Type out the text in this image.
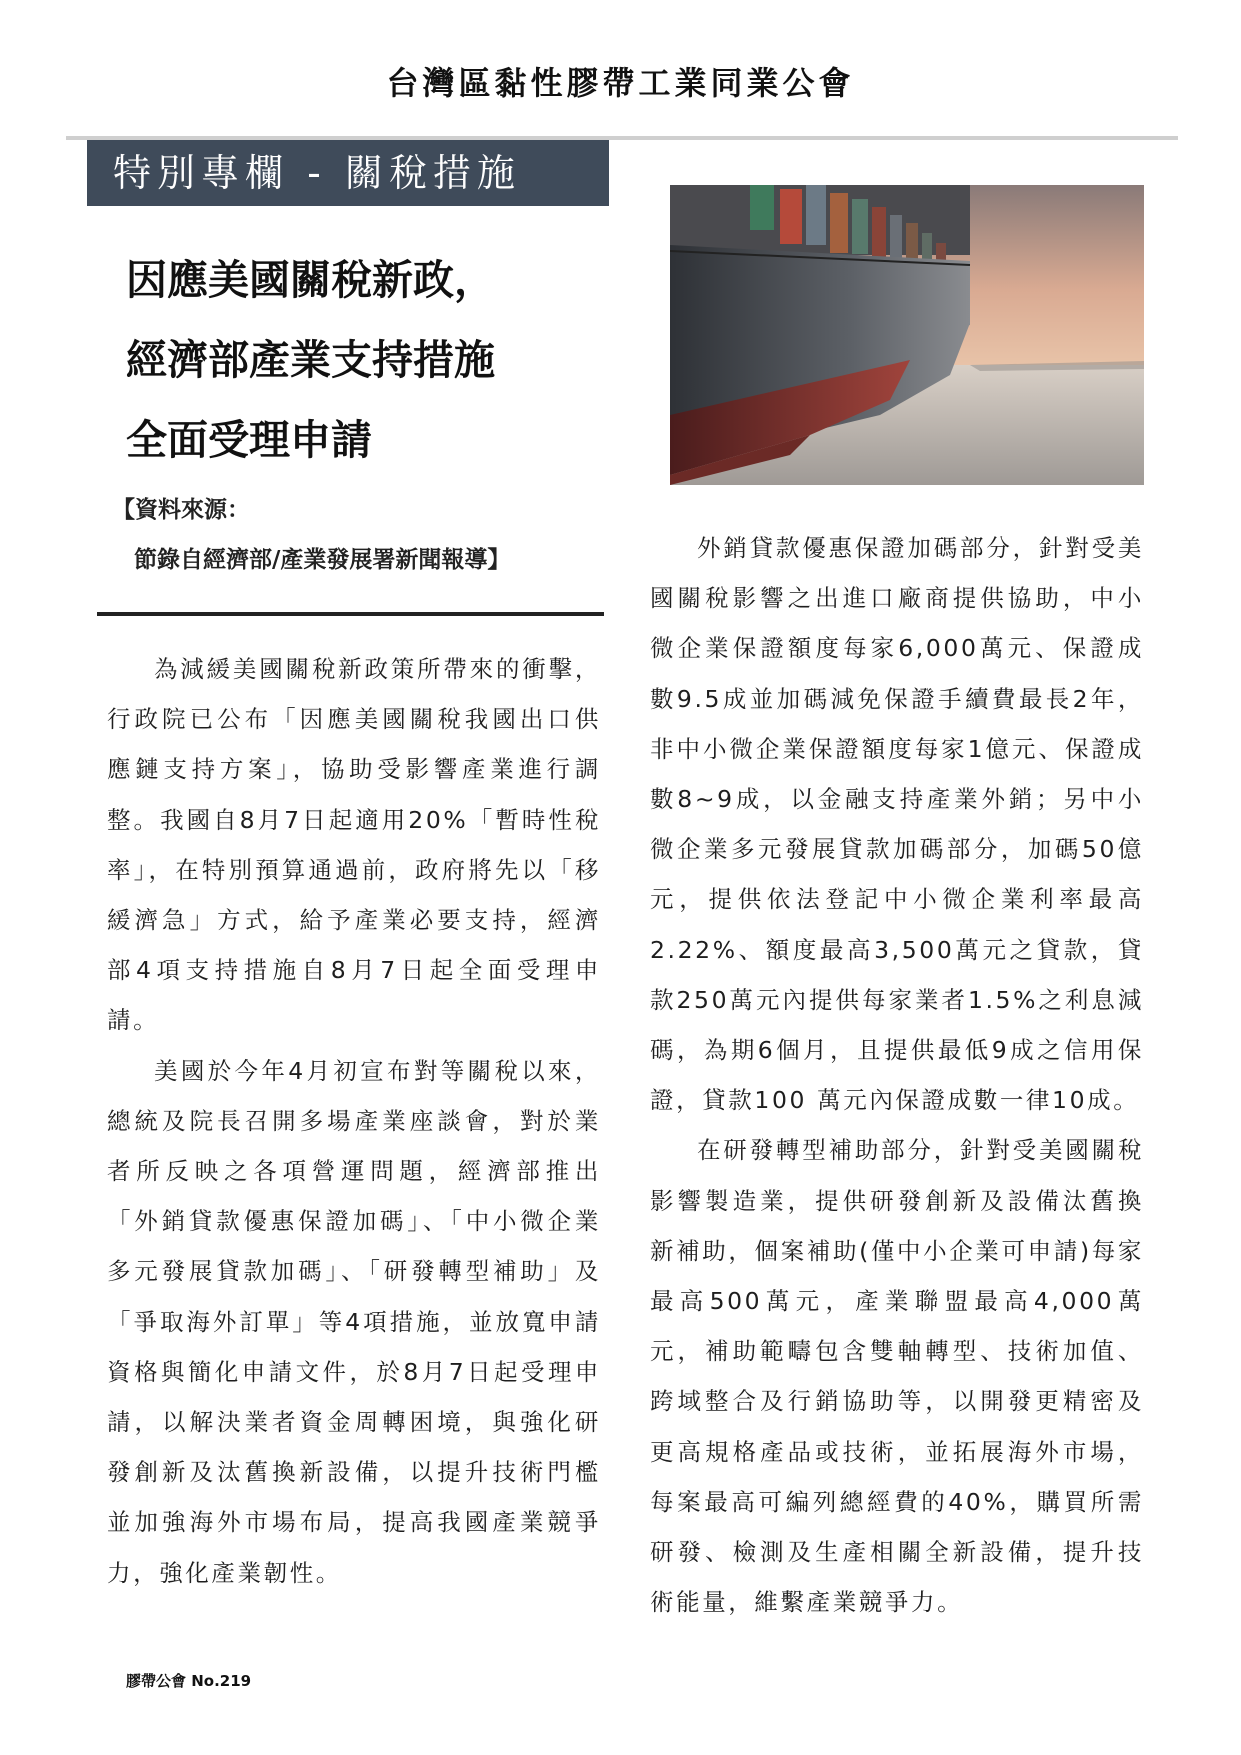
台灣區黏性膠帶工業同業公會
特別專欄 - 關稅措施
因應美國關稅新政，
經濟部產業支持措施
全面受理申請
【資料來源：
節錄自經濟部/產業發展署新聞報導】

為減緩美國關稅新政策所帶來的衝擊，行政院已公布「因應美國關稅我國出口供應鏈支持方案」，協助受影響產業進行調整。我國自8月7日起適用20%「暫時性稅率」，在特別預算通過前，政府將先以「移緩濟急」方式，給予產業必要支持，經濟部4項支持措施自8月7日起全面受理申請。

美國於今年4月初宣布對等關稅以來，總統及院長召開多場產業座談會，對於業者所反映之各項營運問題，經濟部推出「外銷貸款優惠保證加碼」、「中小微企業多元發展貸款加碼」、「研發轉型補助」及「爭取海外訂單」等4項措施，並放寬申請資格與簡化申請文件，於8月7日起受理申請，以解決業者資金周轉困境，與強化研發創新及汰舊換新設備，以提升技術門檻並加強海外市場布局，提高我國產業競爭力，強化產業韌性。

外銷貸款優惠保證加碼部分，針對受美國關稅影響之出進口廠商提供協助，中小微企業保證額度每家6,000萬元、保證成數9.5成並加碼減免保證手續費最長2年，非中小微企業保證額度每家1億元、保證成數8~9成，以金融支持產業外銷；另中小微企業多元發展貸款加碼部分，加碼50億元，提供依法登記中小微企業利率最高2.22%、額度最高3,500萬元之貸款，貸款250萬元內提供每家業者1.5%之利息減碼，為期6個月，且提供最低9成之信用保證，貸款100 萬元內保證成數一律10成。

在研發轉型補助部分，針對受美國關稅影響製造業，提供研發創新及設備汰舊換新補助，個案補助(僅中小企業可申請)每家最高500萬元，產業聯盟最高4,000萬元，補助範疇包含雙軸轉型、技術加值、跨域整合及行銷協助等，以開發更精密及更高規格產品或技術，並拓展海外市場，每案最高可編列總經費的40%，購買所需研發、檢測及生產相關全新設備，提升技術能量，維繫產業競爭力。

膠帶公會 No.219
